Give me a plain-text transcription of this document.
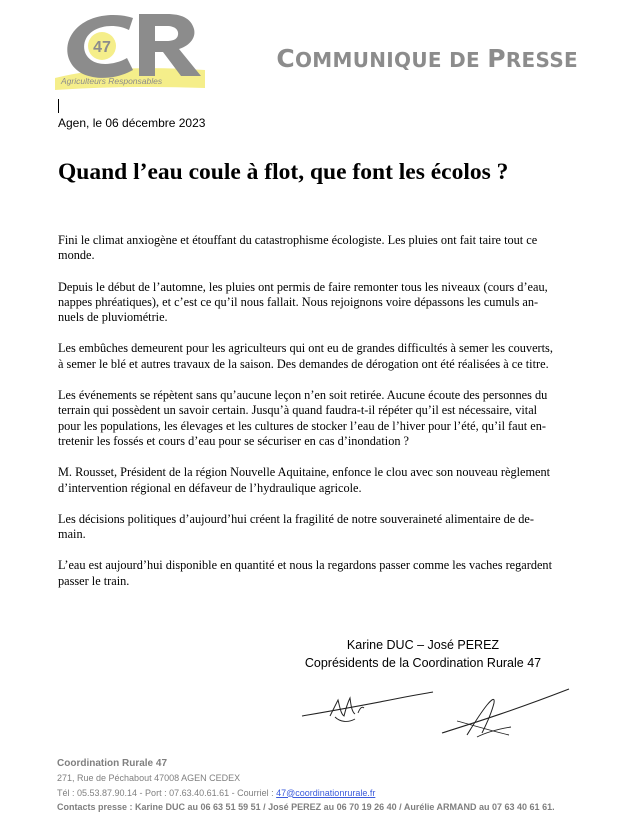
47
Agriculteurs Responsables
COMMUNIQUE DE PRESSE
Agen, le 06 décembre 2023
Quand l’eau coule à flot, que font les écolos ?

Fini le climat anxiogène et étouffant du catastrophisme écologiste. Les pluies ont fait taire tout ce
monde.

Depuis le début de l’automne, les pluies ont permis de faire remonter tous les niveaux (cours d’eau,
nappes phréatiques), et c’est ce qu’il nous fallait. Nous rejoignons voire dépassons les cumuls an-
nuels de pluviométrie.

Les embûches demeurent pour les agriculteurs qui ont eu de grandes difficultés à semer les couverts,
à semer le blé et autres travaux de la saison. Des demandes de dérogation ont été réalisées à ce titre.

Les événements se répètent sans qu’aucune leçon n’en soit retirée. Aucune écoute des personnes du
terrain qui possèdent un savoir certain. Jusqu’à quand faudra-t-il répéter qu’il est nécessaire, vital
pour les populations, les élevages et les cultures de stocker l’eau de l’hiver pour l’été, qu’il faut en-
tretenir les fossés et cours d’eau pour se sécuriser en cas d’inondation ?

M. Rousset, Président de la région Nouvelle Aquitaine, enfonce le clou avec son nouveau règlement
d’intervention régional en défaveur de l’hydraulique agricole.

Les décisions politiques d’aujourd’hui créent la fragilité de notre souveraineté alimentaire de de-
main.

L’eau est aujourd’hui disponible en quantité et nous la regardons passer comme les vaches regardent
passer le train.

Karine DUC – José PEREZ
Coprésidents de la Coordination Rurale 47
Coordination Rurale 47
271, Rue de Péchabout 47008 AGEN CEDEX
Tél : 05.53.87.90.14 - Port : 07.63.40.61.61 - Courriel : 47@coordinationrurale.fr
Contacts presse : Karine DUC au 06 63 51 59 51 / José PEREZ au 06 70 19 26 40 / Aurélie ARMAND au 07 63 40 61 61.
